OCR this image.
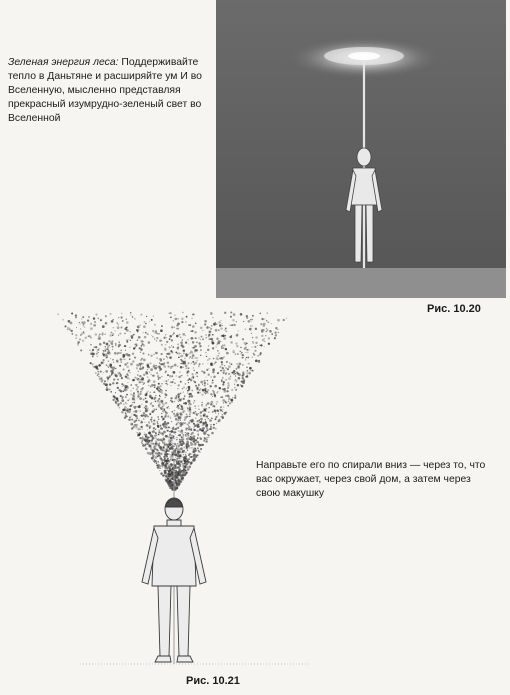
Зеленая энергия леса: Поддерживайте тепло в Даньтяне и расширяйте ум И во Вселенную, мысленно представляя прекрасный изумрудно-зеленый свет во Вселенной
Рис. 10.20
Направьте его по спирали вниз — через то, что вас окружает, через свой дом, а затем через свою макушку
Рис. 10.21
